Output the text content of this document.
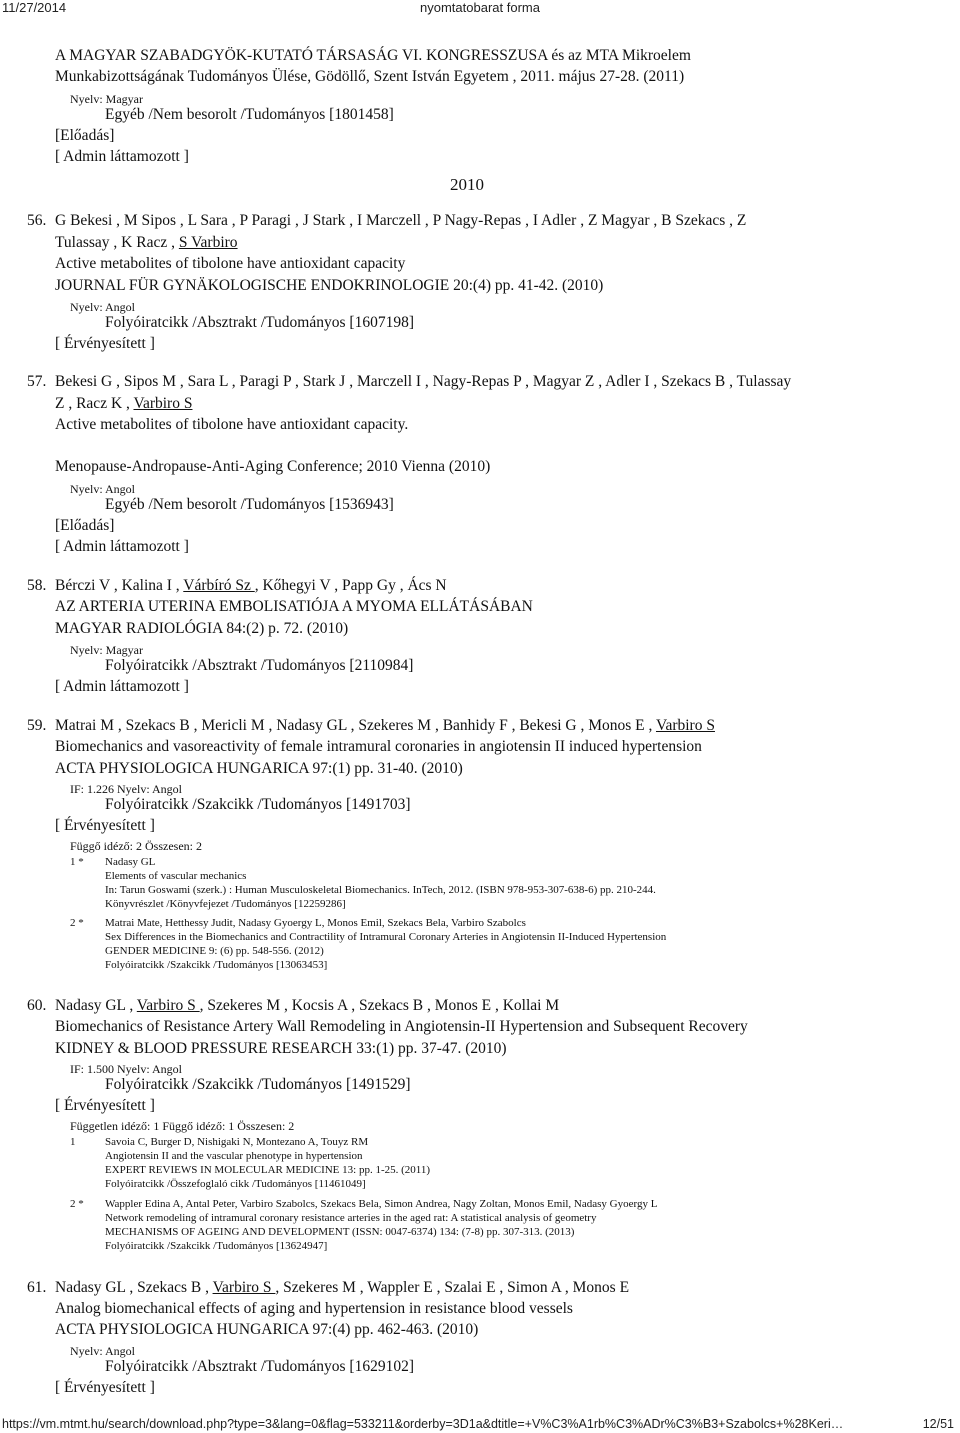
11/27/2014	nyomtatobarat forma
A MAGYAR SZABADGYÖK-KUTATÓ TÁRSASÁG VI. KONGRESSZUSA és az MTA Mikroelem
Munkabizottságának Tudományos Ülése, Gödöllő, Szent István Egyetem , 2011. május 27-28. (2011)
Nyelv: Magyar
Egyéb /Nem besorolt /Tudományos [1801458]
[Előadás]
[ Admin láttamozott ]
2010
56. G Bekesi , M Sipos , L Sara , P Paragi , J Stark , I Marczell , P Nagy-Repas , I Adler , Z Magyar , B Szekacs , Z
Tulassay , K Racz , S Varbiro
Active metabolites of tibolone have antioxidant capacity
JOURNAL FÜR GYNÄKOLOGISCHE ENDOKRINOLOGIE 20:(4) pp. 41-42. (2010)
Nyelv: Angol
Folyóiratcikk /Absztrakt /Tudományos [1607198]
[ Érvényesített ]
57. Bekesi G , Sipos M , Sara L , Paragi P , Stark J , Marczell I , Nagy-Repas P , Magyar Z , Adler I , Szekacs B , Tulassay
Z , Racz K , Varbiro S
Active metabolites of tibolone have antioxidant capacity.
Menopause-Andropause-Anti-Aging Conference; 2010 Vienna (2010)
Nyelv: Angol
Egyéb /Nem besorolt /Tudományos [1536943]
[Előadás]
[ Admin láttamozott ]
58. Bérczi V , Kalina I , Várbíró Sz , Kőhegyi V , Papp Gy , Ács N
AZ ARTERIA UTERINA EMBOLISATIÓJA A MYOMA ELLÁTÁSÁBAN
MAGYAR RADIOLÓGIA 84:(2) p. 72. (2010)
Nyelv: Magyar
Folyóiratcikk /Absztrakt /Tudományos [2110984]
[ Admin láttamozott ]
59. Matrai M , Szekacs B , Mericli M , Nadasy GL , Szekeres M , Banhidy F , Bekesi G , Monos E , Varbiro S
Biomechanics and vasoreactivity of female intramural coronaries in angiotensin II induced hypertension
ACTA PHYSIOLOGICA HUNGARICA 97:(1) pp. 31-40. (2010)
IF: 1.226 Nyelv: Angol
Folyóiratcikk /Szakcikk /Tudományos [1491703]
[ Érvényesített ]
Függő idéző: 2 Összesen: 2
1 * Nadasy GL
Elements of vascular mechanics
In: Tarun Goswami (szerk.) : Human Musculoskeletal Biomechanics. InTech, 2012. (ISBN 978-953-307-638-6) pp. 210-244.
Könyvrészlet /Könyvfejezet /Tudományos [12259286]
2 * Matrai Mate, Hetthessy Judit, Nadasy Gyoergy L, Monos Emil, Szekacs Bela, Varbiro Szabolcs
Sex Differences in the Biomechanics and Contractility of Intramural Coronary Arteries in Angiotensin II-Induced Hypertension
GENDER MEDICINE 9: (6) pp. 548-556. (2012)
Folyóiratcikk /Szakcikk /Tudományos [13063453]
60. Nadasy GL , Varbiro S , Szekeres M , Kocsis A , Szekacs B , Monos E , Kollai M
Biomechanics of Resistance Artery Wall Remodeling in Angiotensin-II Hypertension and Subsequent Recovery
KIDNEY & BLOOD PRESSURE RESEARCH 33:(1) pp. 37-47. (2010)
IF: 1.500 Nyelv: Angol
Folyóiratcikk /Szakcikk /Tudományos [1491529]
[ Érvényesített ]
Független idéző: 1 Függő idéző: 1 Összesen: 2
1	Savoia C, Burger D, Nishigaki N, Montezano A, Touyz RM
Angiotensin II and the vascular phenotype in hypertension
EXPERT REVIEWS IN MOLECULAR MEDICINE 13: pp. 1-25. (2011)
Folyóiratcikk /Összefoglaló cikk /Tudományos [11461049]
2 * Wappler Edina A, Antal Peter, Varbiro Szabolcs, Szekacs Bela, Simon Andrea, Nagy Zoltan, Monos Emil, Nadasy Gyoergy L
Network remodeling of intramural coronary resistance arteries in the aged rat: A statistical analysis of geometry
MECHANISMS OF AGEING AND DEVELOPMENT (ISSN: 0047-6374) 134: (7-8) pp. 307-313. (2013)
Folyóiratcikk /Szakcikk /Tudományos [13624947]
61. Nadasy GL , Szekacs B , Varbiro S , Szekeres M , Wappler E , Szalai E , Simon A , Monos E
Analog biomechanical effects of aging and hypertension in resistance blood vessels
ACTA PHYSIOLOGICA HUNGARICA 97:(4) pp. 462-463. (2010)
Nyelv: Angol
Folyóiratcikk /Absztrakt /Tudományos [1629102]
[ Érvényesített ]
https://vm.mtmt.hu/search/download.php?type=3&lang=0&flag=533211&orderby=3D1a&dtitle=+V%C3%A1rb%C3%ADr%C3%B3+Szabolcs+%28Keri…	12/51
